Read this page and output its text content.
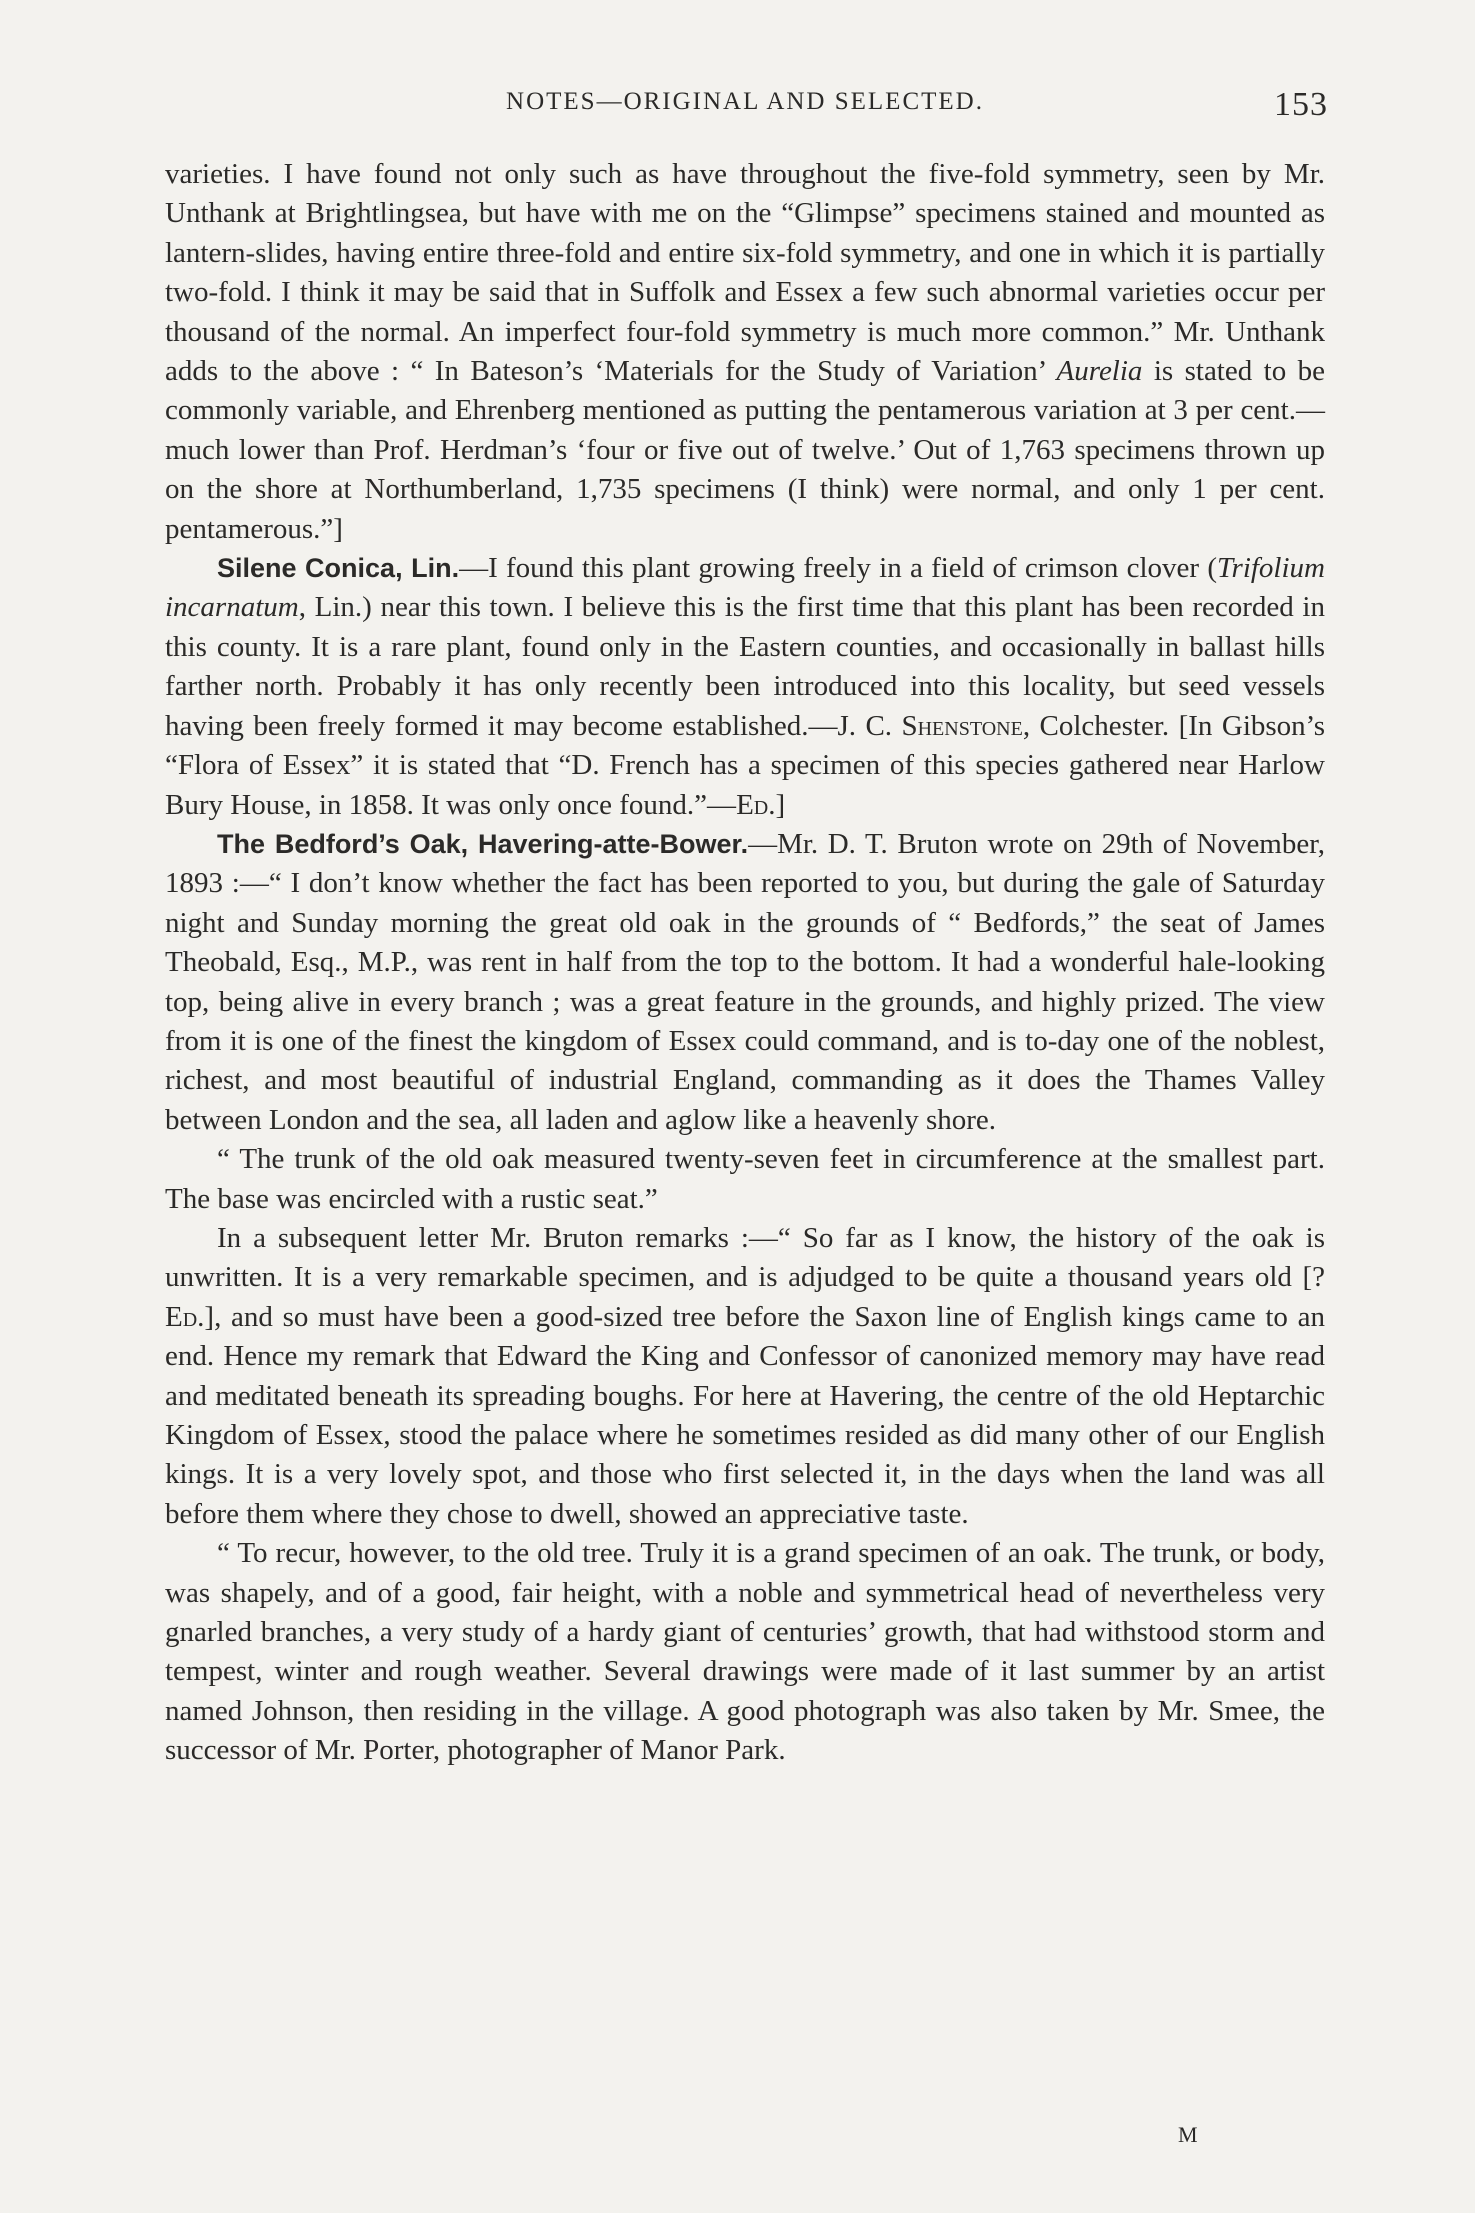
NOTES—ORIGINAL AND SELECTED.	153

varieties. I have found not only such as have throughout the five-fold symmetry, seen by Mr. Unthank at Brightlingsea, but have with me on the “Glimpse” specimens stained and mounted as lantern-slides, having entire three-fold and entire six-fold symmetry, and one in which it is partially two-fold. I think it may be said that in Suffolk and Essex a few such abnormal varieties occur per thousand of the normal. An imperfect four-fold symmetry is much more common.” Mr. Unthank adds to the above : “ In Bateson’s ‘Materials for the Study of Variation’ Aurelia is stated to be commonly variable, and Ehrenberg mentioned as putting the pentamerous variation at 3 per cent.—much lower than Prof. Herdman’s ‘four or five out of twelve.’ Out of 1,763 specimens thrown up on the shore at Northumberland, 1,735 specimens (I think) were normal, and only 1 per cent. pentamerous.”]

Silene Conica, Lin.—I found this plant growing freely in a field of crimson clover (Trifolium incarnatum, Lin.) near this town. I believe this is the first time that this plant has been recorded in this county. It is a rare plant, found only in the Eastern counties, and occasionally in ballast hills farther north. Probably it has only recently been introduced into this locality, but seed vessels having been freely formed it may become established.—J. C. Shenstone, Colchester. [In Gibson’s “Flora of Essex” it is stated that “D. French has a specimen of this species gathered near Harlow Bury House, in 1858. It was only once found.”—Ed.]

The Bedford’s Oak, Havering-atte-Bower.—Mr. D. T. Bruton wrote on 29th of November, 1893 :—“ I don’t know whether the fact has been reported to you, but during the gale of Saturday night and Sunday morning the great old oak in the grounds of “ Bedfords,” the seat of James Theobald, Esq., M.P., was rent in half from the top to the bottom. It had a wonderful hale-looking top, being alive in every branch ; was a great feature in the grounds, and highly prized. The view from it is one of the finest the kingdom of Essex could command, and is to-day one of the noblest, richest, and most beautiful of industrial England, commanding as it does the Thames Valley between London and the sea, all laden and aglow like a heavenly shore.

“ The trunk of the old oak measured twenty-seven feet in circumference at the smallest part. The base was encircled with a rustic seat.”

In a subsequent letter Mr. Bruton remarks :—“ So far as I know, the history of the oak is unwritten. It is a very remarkable specimen, and is adjudged to be quite a thousand years old [? Ed.], and so must have been a good-sized tree before the Saxon line of English kings came to an end. Hence my remark that Edward the King and Confessor of canonized memory may have read and meditated beneath its spreading boughs. For here at Havering, the centre of the old Heptarchic Kingdom of Essex, stood the palace where he sometimes resided as did many other of our English kings. It is a very lovely spot, and those who first selected it, in the days when the land was all before them where they chose to dwell, showed an appreciative taste.

“ To recur, however, to the old tree. Truly it is a grand specimen of an oak. The trunk, or body, was shapely, and of a good, fair height, with a noble and symmetrical head of nevertheless very gnarled branches, a very study of a hardy giant of centuries’ growth, that had withstood storm and tempest, winter and rough weather. Several drawings were made of it last summer by an artist named Johnson, then residing in the village. A good photograph was also taken by Mr. Smee, the successor of Mr. Porter, photographer of Manor Park.

M
